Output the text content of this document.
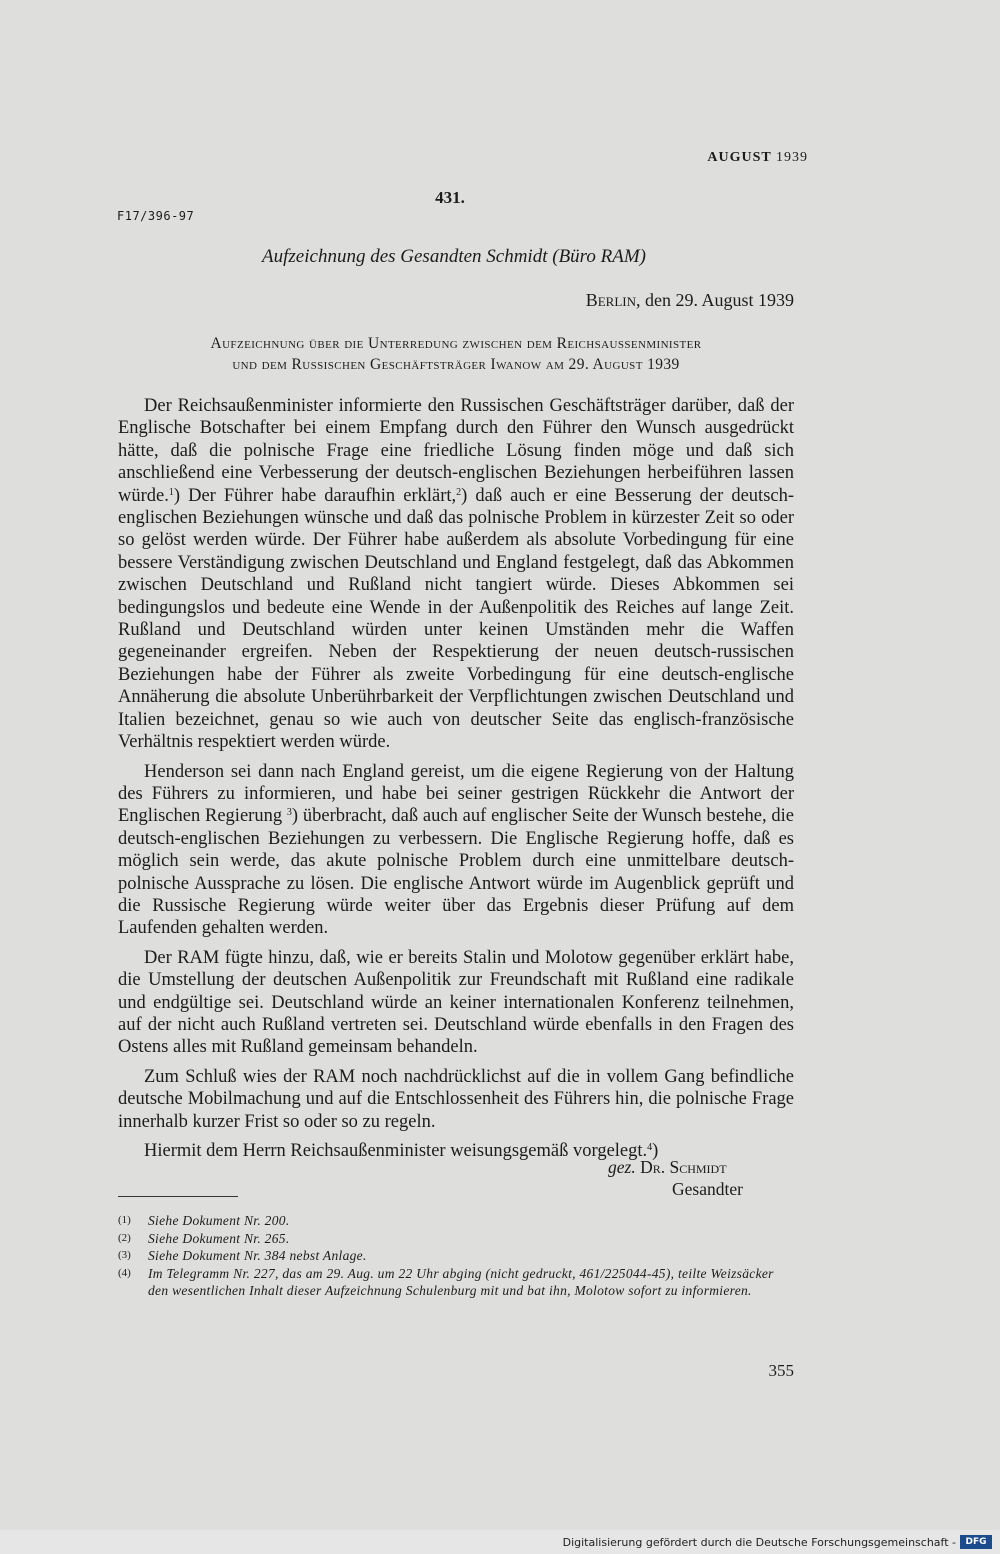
AUGUST 1939
431.
F17/396-97
Aufzeichnung des Gesandten Schmidt (Büro RAM)
Berlin, den 29. August 1939
Aufzeichnung über die Unterredung zwischen dem Reichsaussenminister
und dem Russischen Geschäftsträger Iwanow am 29. August 1939

Der Reichsaußenminister informierte den Russischen Geschäftsträger darüber, daß der Englische Botschafter bei einem Empfang durch den Führer den Wunsch ausgedrückt hätte, daß die polnische Frage eine friedliche Lösung finden möge und daß sich anschließend eine Verbesserung der deutsch-englischen Beziehungen herbeiführen lassen würde.$^1$) Der Führer habe daraufhin erklärt,$^2$) daß auch er eine Besserung der deutsch-englischen Beziehungen wünsche und daß das polnische Problem in kürzester Zeit so oder so gelöst werden würde. Der Führer habe außerdem als absolute Vorbedingung für eine bessere Verständigung zwischen Deutschland und England festgelegt, daß das Abkommen zwischen Deutschland und Rußland nicht tangiert würde. Dieses Abkommen sei bedingungslos und bedeute eine Wende in der Außenpolitik des Reiches auf lange Zeit. Rußland und Deutschland würden unter keinen Umständen mehr die Waffen gegeneinander ergreifen. Neben der Respektierung der neuen deutsch-russischen Beziehungen habe der Führer als zweite Vorbedingung für eine deutsch-englische Annäherung die absolute Unberührbarkeit der Verpflichtungen zwischen Deutschland und Italien bezeichnet, genau so wie auch von deutscher Seite das englisch-französische Verhältnis respektiert werden würde.

Henderson sei dann nach England gereist, um die eigene Regierung von der Haltung des Führers zu informieren, und habe bei seiner gestrigen Rückkehr die Antwort der Englischen Regierung $^3$) überbracht, daß auch auf englischer Seite der Wunsch bestehe, die deutsch-englischen Beziehungen zu verbessern. Die Englische Regierung hoffe, daß es möglich sein werde, das akute polnische Problem durch eine unmittelbare deutsch-polnische Aussprache zu lösen. Die englische Antwort würde im Augenblick geprüft und die Russische Regierung würde weiter über das Ergebnis dieser Prüfung auf dem Laufenden gehalten werden.

Der RAM fügte hinzu, daß, wie er bereits Stalin und Molotow gegenüber erklärt habe, die Umstellung der deutschen Außenpolitik zur Freundschaft mit Rußland eine radikale und endgültige sei. Deutschland würde an keiner internationalen Konferenz teilnehmen, auf der nicht auch Rußland vertreten sei. Deutschland würde ebenfalls in den Fragen des Ostens alles mit Rußland gemeinsam behandeln.

Zum Schluß wies der RAM noch nachdrücklichst auf die in vollem Gang befindliche deutsche Mobilmachung und auf die Entschlossenheit des Führers hin, die polnische Frage innerhalb kurzer Frist so oder so zu regeln.

Hiermit dem Herrn Reichsaußenminister weisungsgemäß vorgelegt.$^4$)

gez. Dr. Schmidt
Gesandter
(1)	Siehe Dokument Nr. 200.
(2)	Siehe Dokument Nr. 265.
(3)	Siehe Dokument Nr. 384 nebst Anlage.
(4)	Im Telegramm Nr. 227, das am 29. Aug. um 22 Uhr abging (nicht gedruckt, 461/225044-45), teilte Weizsäcker den wesentlichen Inhalt dieser Aufzeichnung Schulenburg mit und bat ihn, Molotow sofort zu informieren.
355
Digitalisierung gefördert durch die Deutsche Forschungsgemeinschaft -	DFG
